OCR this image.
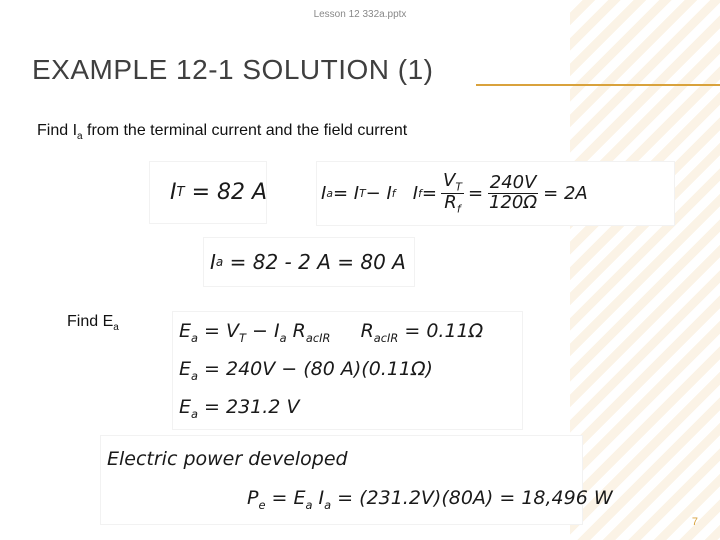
Lesson 12 332a.pptx
EXAMPLE 12-1 SOLUTION (1)
Find $I_a$ from the terminal current and the field current
I T
= 82 A	I a = I T − I f
I $f = \frac{V_T}{R_f} = \frac{240V}{120\Omega} = 2A$
I a
= 82 - 2 A = 80 A
Find $E_a$	$E_a = V_T - I_a$ $R_{acIR}$ $R_{acIR} = 0.11\Omega$
$E_a = 240V - (80$ A)(0.11Ω)
$E_a = 231.2$ V
Electric power developed
$P_e = E_a$ $I_a = (231.2V)(80A) = 18,496$ W
7
